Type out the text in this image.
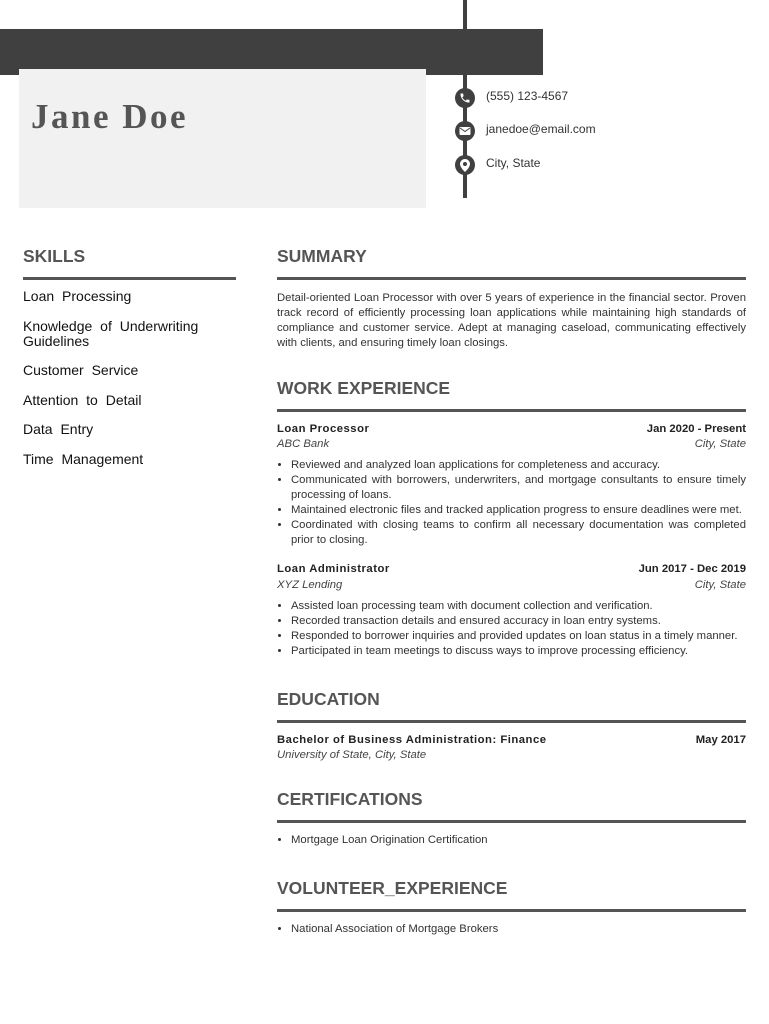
Jane Doe
(555) 123-4567
janedoe@email.com
City, State
SKILLS
Loan Processing
Knowledge of Underwriting Guidelines
Customer Service
Attention to Detail
Data Entry
Time Management
SUMMARY

Detail-oriented Loan Processor with over 5 years of experience in the financial sector. Proven track record of efficiently processing loan applications while maintaining high standards of compliance and customer service. Adept at managing caseload, communicating effectively with clients, and ensuring timely loan closings.

WORK EXPERIENCE
Loan Processor	Jan 2020 - Present
ABC Bank	City, State
• Reviewed and analyzed loan applications for completeness and accuracy.
• Communicated with borrowers, underwriters, and mortgage consultants to ensure timely processing of loans.
• Maintained electronic files and tracked application progress to ensure deadlines were met.
• Coordinated with closing teams to confirm all necessary documentation was completed prior to closing.
Loan Administrator	Jun 2017 - Dec 2019
XYZ Lending	City, State
• Assisted loan processing team with document collection and verification.
• Recorded transaction details and ensured accuracy in loan entry systems.
• Responded to borrower inquiries and provided updates on loan status in a timely manner.
• Participated in team meetings to discuss ways to improve processing efficiency.
EDUCATION
Bachelor of Business Administration: Finance	May 2017
University of State, City, State
CERTIFICATIONS
• Mortgage Loan Origination Certification
VOLUNTEER_EXPERIENCE
• National Association of Mortgage Brokers
